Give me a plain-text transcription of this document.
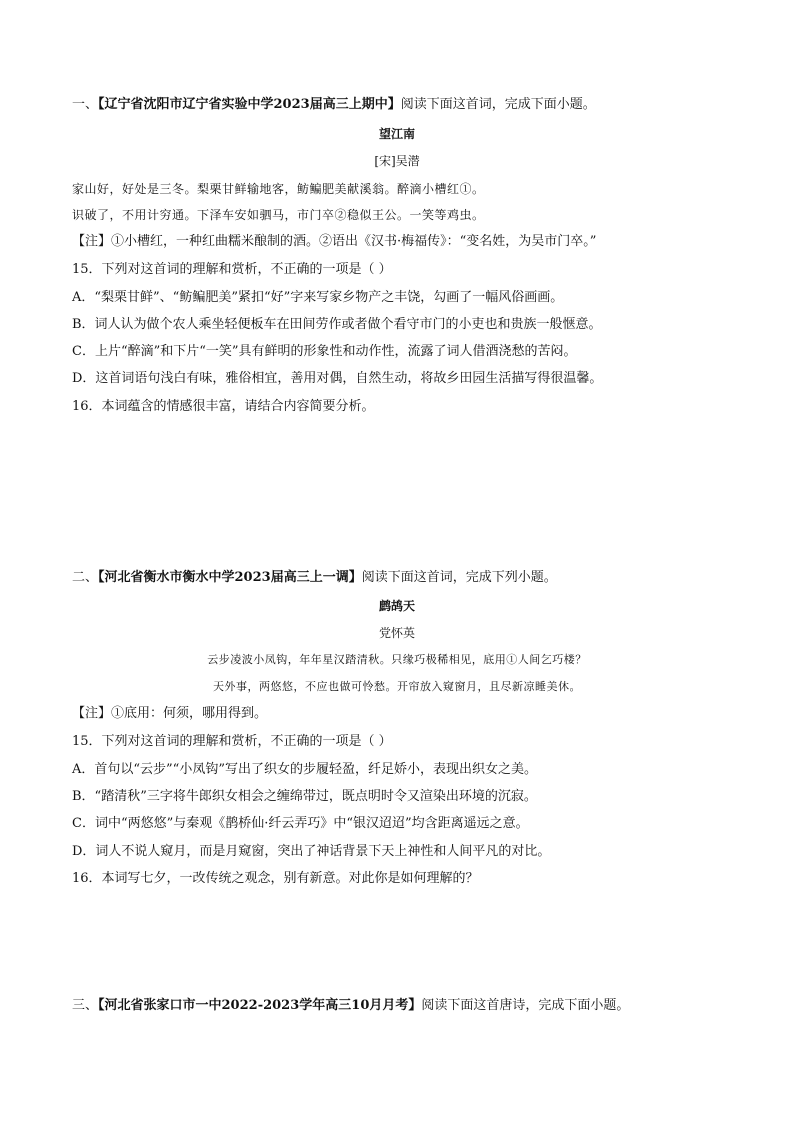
一、【辽宁省沈阳市辽宁省实验中学2023届高三上期中】阅读下面这首词，完成下面小题。
望江南
[宋]吴潜
家山好，好处是三冬。梨栗甘鲜输地客，鲂鳊肥美献溪翁。醉滴小槽红①。
识破了，不用计穷通。下泽车安如驷马，市门卒②稳似王公。一笑等鸡虫。
【注】①小槽红，一种红曲糯米酿制的酒。②语出《汉书·梅福传》：“变名姓，为吴市门卒。”
15．下列对这首词的理解和赏析，不正确的一项是（ ）
A．“梨栗甘鲜”、“鲂鳊肥美”紧扣“好”字来写家乡物产之丰饶，勾画了一幅风俗画画。
B．词人认为做个农人乘坐轻便板车在田间劳作或者做个看守市门的小吏也和贵族一般惬意。
C．上片“醉滴”和下片“一笑”具有鲜明的形象性和动作性，流露了词人借酒浇愁的苦闷。
D．这首词语句浅白有味，雅俗相宜，善用对偶，自然生动，将故乡田园生活描写得很温馨。
16．本词蕴含的情感很丰富，请结合内容简要分析。
二、【河北省衡水市衡水中学2023届高三上一调】阅读下面这首词，完成下列小题。
鹧鸪天
党怀英
云步凌波小凤钩，年年星汉踏清秋。只缘巧极稀相见，底用①人间乞巧楼？
天外事，两悠悠，不应也做可怜愁。开帘放入窥窗月，且尽新凉睡美休。
【注】①底用：何须，哪用得到。
15．下列对这首词的理解和赏析，不正确的一项是（ ）
A．首句以“云步”“小凤钩”写出了织女的步履轻盈，纤足娇小，表现出织女之美。
B．“踏清秋”三字将牛郎织女相会之缠绵带过，既点明时令又渲染出环境的沉寂。
C．词中“两悠悠”与秦观《鹊桥仙·纤云弄巧》中“银汉迢迢”均含距离遥远之意。
D．词人不说人窥月，而是月窥窗，突出了神话背景下天上神性和人间平凡的对比。
16．本词写七夕，一改传统之观念，别有新意。对此你是如何理解的？
三、【河北省张家口市一中2022-2023学年高三10月月考】阅读下面这首唐诗，完成下面小题。
